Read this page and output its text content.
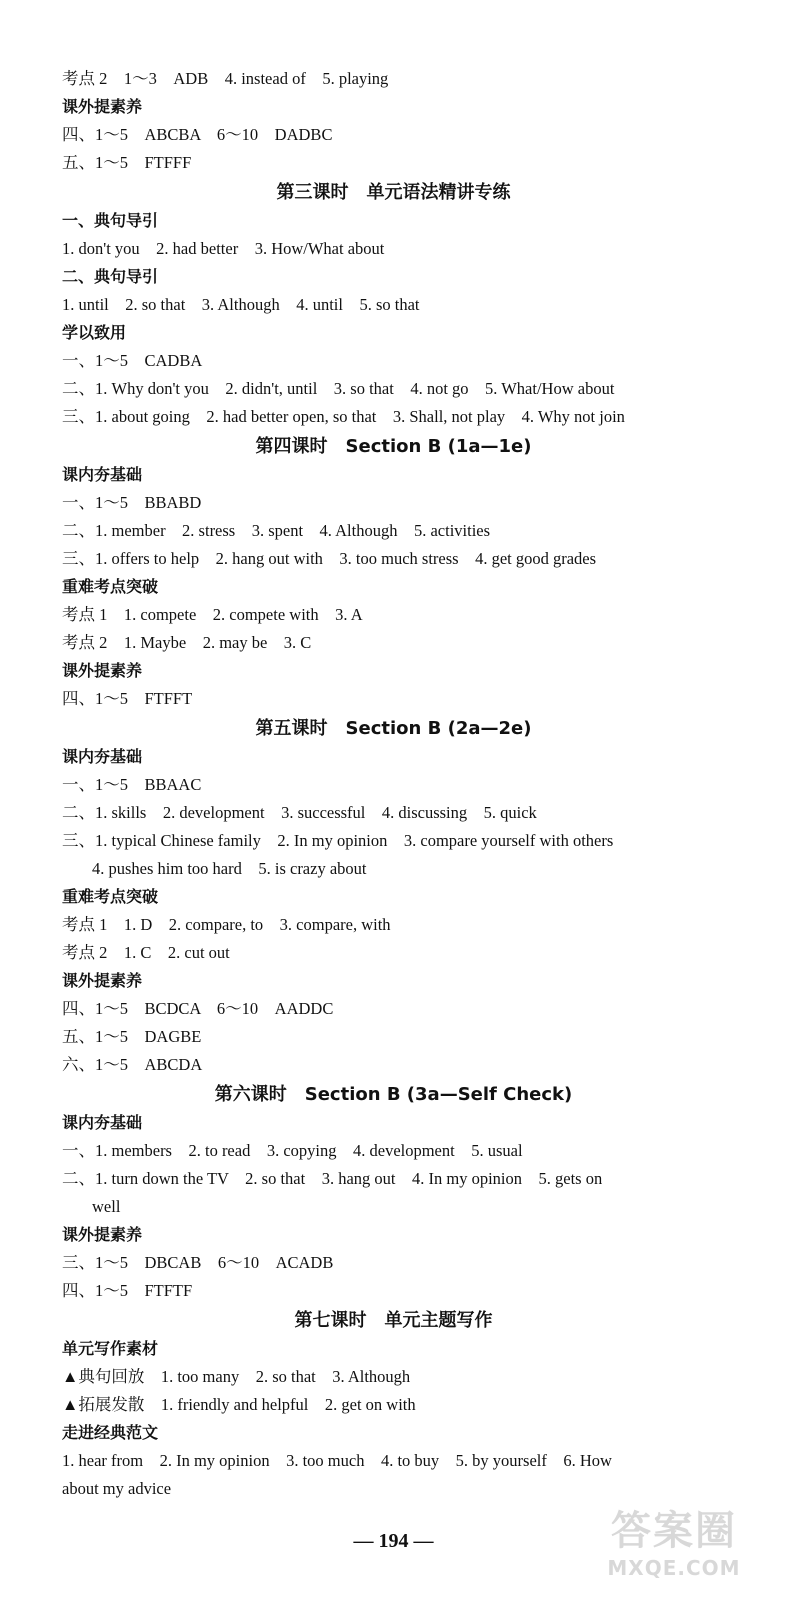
考点 2　1～3　ADB　4. instead of　5. playing
课外提素养
四、1～5　ABCBA　6～10　DADBC
五、1～5　FTFFF
第三课时　单元语法精讲专练
一、典句导引
1. don't you　2. had better　3. How/What about
二、典句导引
1. until　2. so that　3. Although　4. until　5. so that
学以致用
一、1～5　CADBA
二、1. Why don't you　2. didn't, until　3. so that　4. not go　5. What/How about
三、1. about going　2. had better open, so that　3. Shall, not play　4. Why not join
第四课时　Section B (1a—1e)
课内夯基础
一、1～5　BBABD
二、1. member　2. stress　3. spent　4. Although　5. activities
三、1. offers to help　2. hang out with　3. too much stress　4. get good grades
重难考点突破
考点 1　1. compete　2. compete with　3. A
考点 2　1. Maybe　2. may be　3. C
课外提素养
四、1～5　FTFFT
第五课时　Section B (2a—2e)
课内夯基础
一、1～5　BBAAC
二、1. skills　2. development　3. successful　4. discussing　5. quick
三、1. typical Chinese family　2. In my opinion　3. compare yourself with others
4. pushes him too hard　5. is crazy about
重难考点突破
考点 1　1. D　2. compare, to　3. compare, with
考点 2　1. C　2. cut out
课外提素养
四、1～5　BCDCA　6～10　AADDC
五、1～5　DAGBE
六、1～5　ABCDA
第六课时　Section B (3a—Self Check)
课内夯基础
一、1. members　2. to read　3. copying　4. development　5. usual
二、1. turn down the TV　2. so that　3. hang out　4. In my opinion　5. gets on
well
课外提素养
三、1～5　DBCAB　6～10　ACADB
四、1～5　FTFTF
第七课时　单元主题写作
单元写作素材
▲典句回放　1. too many　2. so that　3. Although
▲拓展发散　1. friendly and helpful　2. get on with
走进经典范文
1. hear from　2. In my opinion　3. too much　4. to buy　5. by yourself　6. How
about my advice
— 194 —	答案圈
MXQE.COM
